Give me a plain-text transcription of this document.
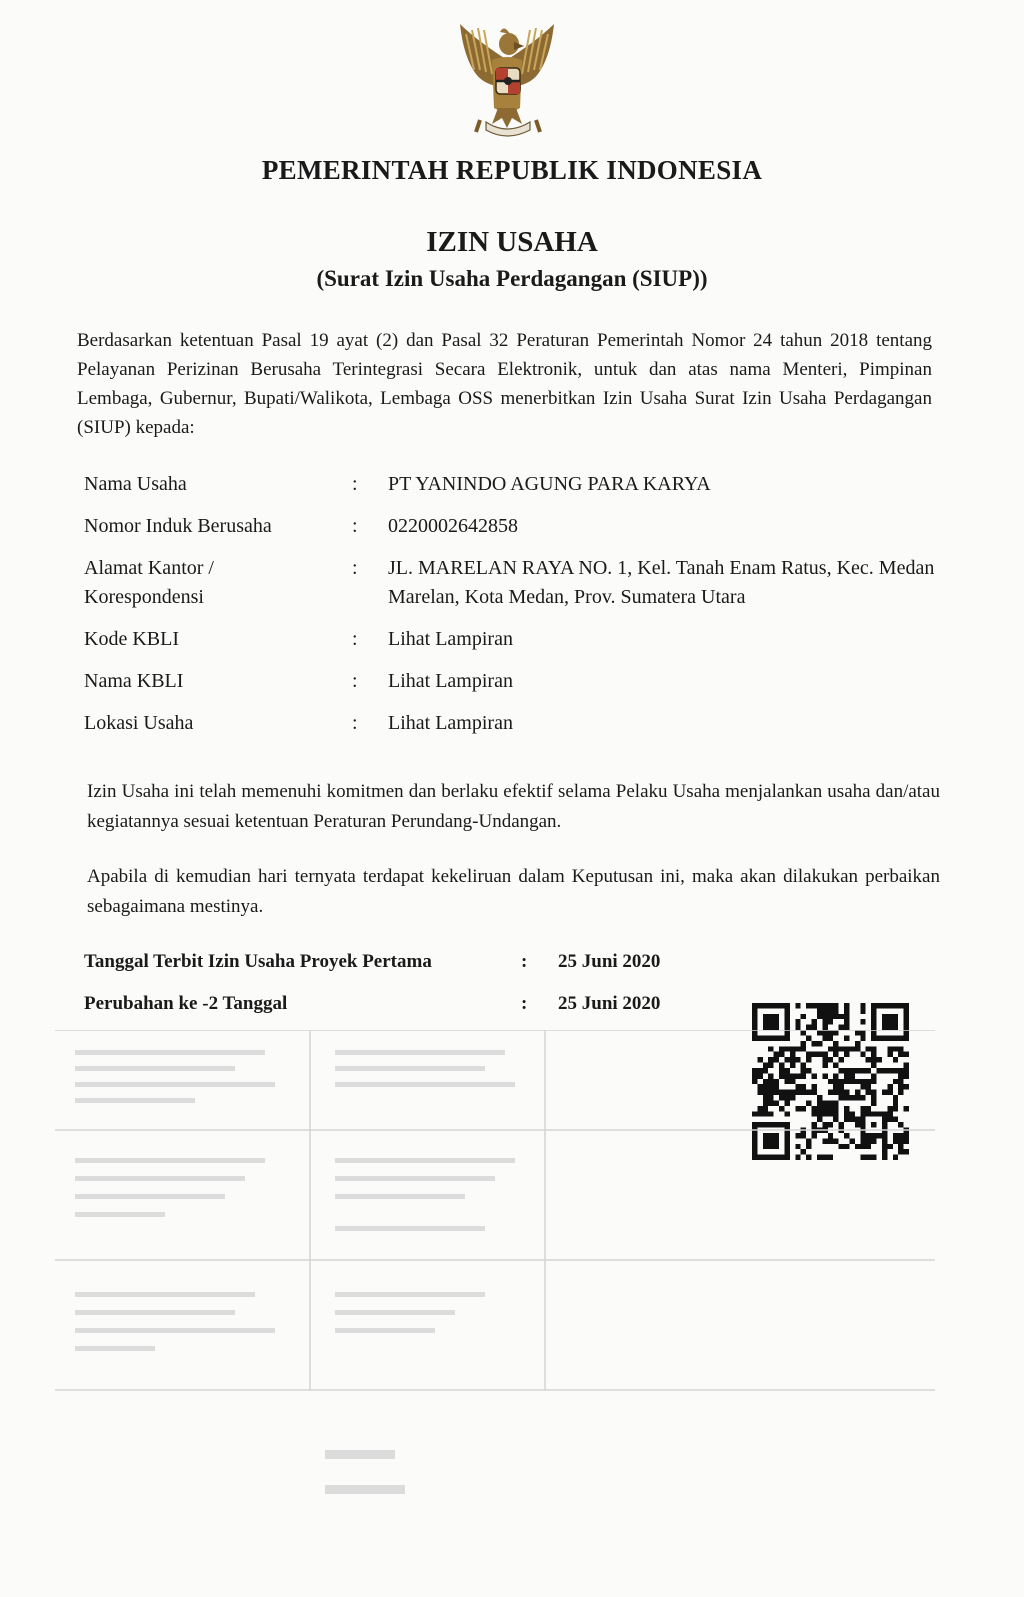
PEMERINTAH REPUBLIK INDONESIA
IZIN USAHA
(Surat Izin Usaha Perdagangan (SIUP))
Berdasarkan ketentuan Pasal 19 ayat (2) dan Pasal 32 Peraturan Pemerintah Nomor 24 tahun 2018 tentang Pelayanan Perizinan Berusaha Terintegrasi Secara Elektronik, untuk dan atas nama Menteri, Pimpinan Lembaga, Gubernur, Bupati/Walikota, Lembaga OSS menerbitkan Izin Usaha Surat Izin Usaha Perdagangan (SIUP) kepada:
Nama Usaha	: PT YANINDO AGUNG PARA KARYA
Nomor Induk Berusaha	: 0220002642858
Alamat Kantor / Korespondensi
: JL. MARELAN RAYA NO. 1, Kel. Tanah Enam Ratus, Kec. Medan Marelan, Kota Medan, Prov. Sumatera Utara
Kode KBLI	: Lihat Lampiran
Nama KBLI	: Lihat Lampiran
Lokasi Usaha	: Lihat Lampiran
Izin Usaha ini telah memenuhi komitmen dan berlaku efektif selama Pelaku Usaha menjalankan usaha dan/atau kegiatannya sesuai ketentuan Peraturan Perundang-Undangan.
Apabila di kemudian hari ternyata terdapat kekeliruan dalam Keputusan ini, maka akan dilakukan perbaikan sebagaimana mestinya.
Tanggal Terbit Izin Usaha Proyek Pertama	: 25 Juni 2020
Perubahan ke -2 Tanggal	: 25 Juni 2020
